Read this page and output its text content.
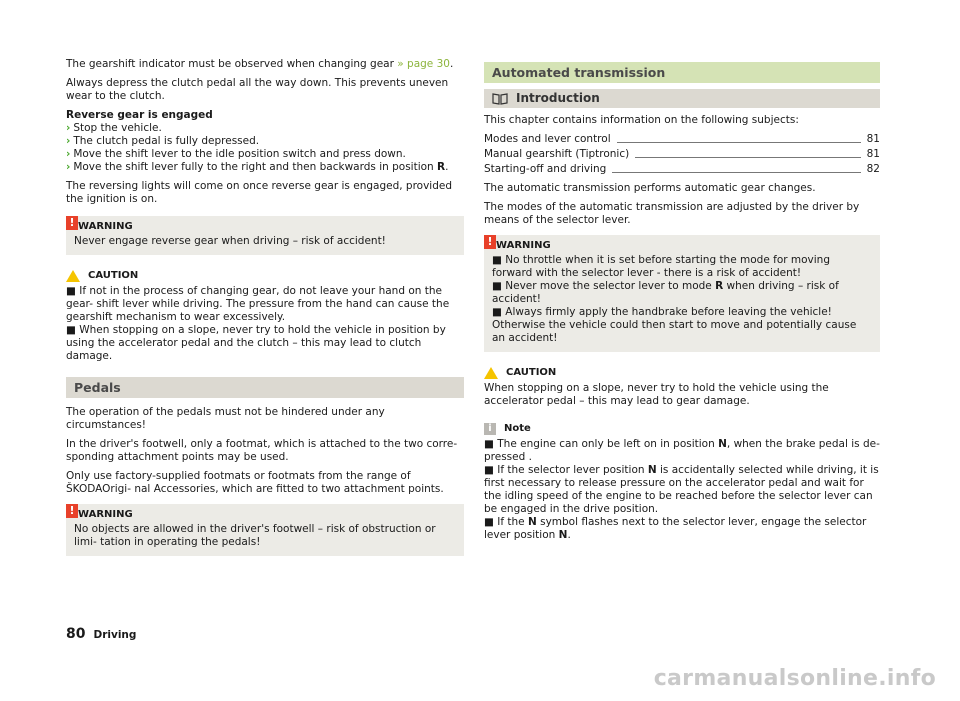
The gearshift indicator must be observed when changing gear » page 30.

Always depress the clutch pedal all the way down. This prevents uneven wear to the clutch.

Reverse gear is engaged
› Stop the vehicle.
› The clutch pedal is fully depressed.
› Move the shift lever to the idle position switch and press down.
› Move the shift lever fully to the right and then backwards in position R.

The reversing lights will come on once reverse gear is engaged, provided the ignition is on.

! WARNING
Never engage reverse gear when driving – risk of accident!
CAUTION
■ If not in the process of changing gear, do not leave your hand on the gear- shift lever while driving. The pressure from the hand can cause the gearshift mechanism to wear excessively.
■ When stopping on a slope, never try to hold the vehicle in position by using the accelerator pedal and the clutch – this may lead to clutch damage.
Pedals

The operation of the pedals must not be hindered under any circumstances!

In the driver's footwell, only a footmat, which is attached to the two corre- sponding attachment points may be used.

Only use factory-supplied footmats or footmats from the range of ŠKODAOrigi- nal Accessories, which are fitted to two attachment points.

! WARNING
No objects are allowed in the driver's footwell – risk of obstruction or limi- tation in operating the pedals!
Automated transmission
Introduction

This chapter contains information on the following subjects:

Modes and lever control	81
Manual gearshift (Tiptronic)	81
Starting-off and driving	82

The automatic transmission performs automatic gear changes.

The modes of the automatic transmission are adjusted by the driver by means of the selector lever.

! WARNING
■ No throttle when it is set before starting the mode for moving forward with the selector lever - there is a risk of accident!
■ Never move the selector lever to mode R when driving – risk of accident!
■ Always firmly apply the handbrake before leaving the vehicle! Otherwise the vehicle could then start to move and potentially cause an accident!
CAUTION
When stopping on a slope, never try to hold the vehicle using the accelerator pedal – this may lead to gear damage.
i	Note
■ The engine can only be left on in position N, when the brake pedal is de- pressed .
■ If the selector lever position N is accidentally selected while driving, it is first necessary to release pressure on the accelerator pedal and wait for the idling speed of the engine to be reached before the selector lever can be engaged in the drive position.
■ If the N symbol flashes next to the selector lever, engage the selector lever position N.
80 Driving
carmanualsonline.info
